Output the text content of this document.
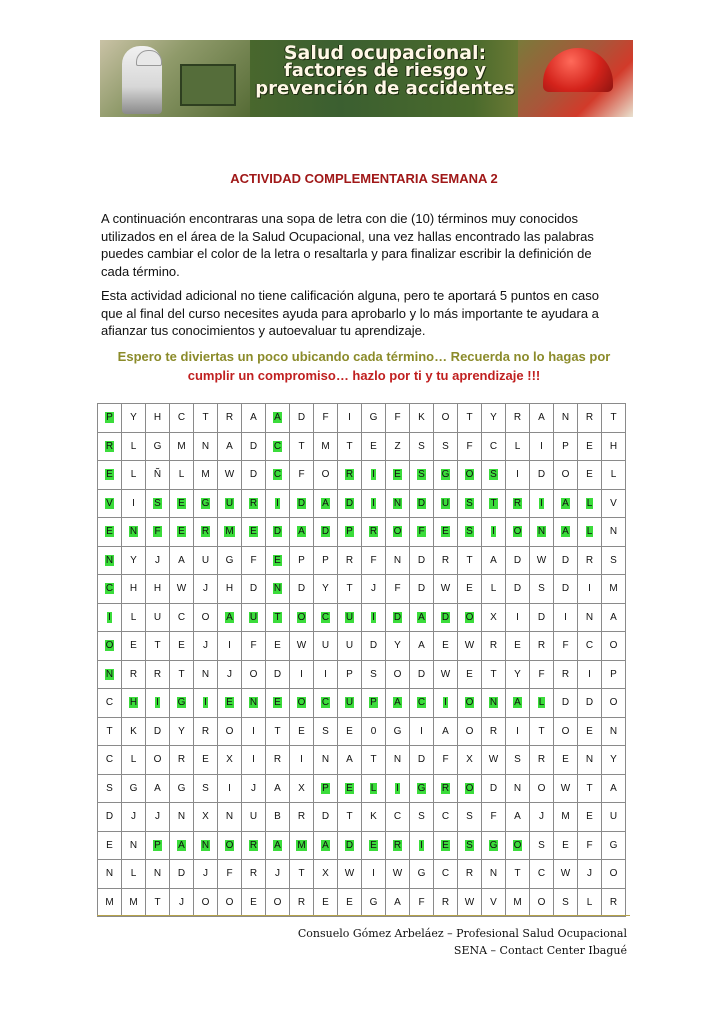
Salud ocupacional:
factores de riesgo y
prevención de accidentes

ACTIVIDAD COMPLEMENTARIA SEMANA 2

A continuación encontraras una sopa de letra con die (10) términos muy conocidos utilizados en el área de la Salud Ocupacional, una vez hallas encontrado las palabras puedes cambiar el color de la letra o resaltarla y para finalizar escribir la definición de cada término.

Esta actividad adicional no tiene calificación alguna, pero te aportará 5 puntos en caso que al final del curso necesites ayuda para aprobarlo y lo más importante te ayudara a afianzar tus conocimientos y autoevaluar tu aprendizaje.

Espero te diviertas un poco ubicando cada término… Recuerda no lo hagas por
cumplir un compromiso… hazlo por ti y tu aprendizaje !!!

P	Y	H	C	T	R	A	A	D	F	I	G	F	K	O	T	Y	R	A	N	R	T
R	L	G	M	N	A	D	C	T	M	T	E	Z	S	S	F	C	L	I	P	E	H
E	L	Ñ	L	M	W	D	C	F	O	R	I	E	S	G	O	S	I	D	O	E	L
V	I	S	E	G	U	R	I	D	A	D	I	N	D	U	S	T	R	I	A	L	V
E	N	F	E	R	M	E	D	A	D	P	R	O	F	E	S	I	O	N	A	L	N
N	Y	J	A	U	G	F	E	P	P	R	F	N	D	R	T	A	D	W	D	R	S
C	H	H	W	J	H	D	N	D	Y	T	J	F	D	W	E	L	D	S	D	I	M
I	L	U	C	O	A	U	T	O	C	U	I	D	A	D	O	X	I	D	I	N	A
O	E	T	E	J	I	F	E	W	U	U	D	Y	A	E	W	R	E	R	F	C	O
N	R	R	T	N	J	O	D	I	I	P	S	O	D	W	E	T	Y	F	R	I	P
C	H	I	G	I	E	N	E	O	C	U	P	A	C	I	O	N	A	L	D	D	O
T	K	D	Y	R	O	I	T	E	S	E	0	G	I	A	O	R	I	T	O	E	N
C	L	O	R	E	X	I	R	I	N	A	T	N	D	F	X	W	S	R	E	N	Y
S	G	A	G	S	I	J	A	X	P	E	L	I	G	R	O	D	N	O	W	T	A
D	J	J	N	X	N	U	B	R	D	T	K	C	S	C	S	F	A	J	M	E	U
E	N	P	A	N	O	R	A	M	A	D	E	R	I	E	S	G	O	S	E	F	G
N	L	N	D	J	F	R	J	T	X	W	I	W	G	C	R	N	T	C	W	J	O
M	M	T	J	O	O	E	O	R	E	E	G	A	F	R	W	V	M	O	S	L	R

Consuelo Gómez Arbeláez – Profesional Salud Ocupacional
SENA – Contact Center Ibagué
